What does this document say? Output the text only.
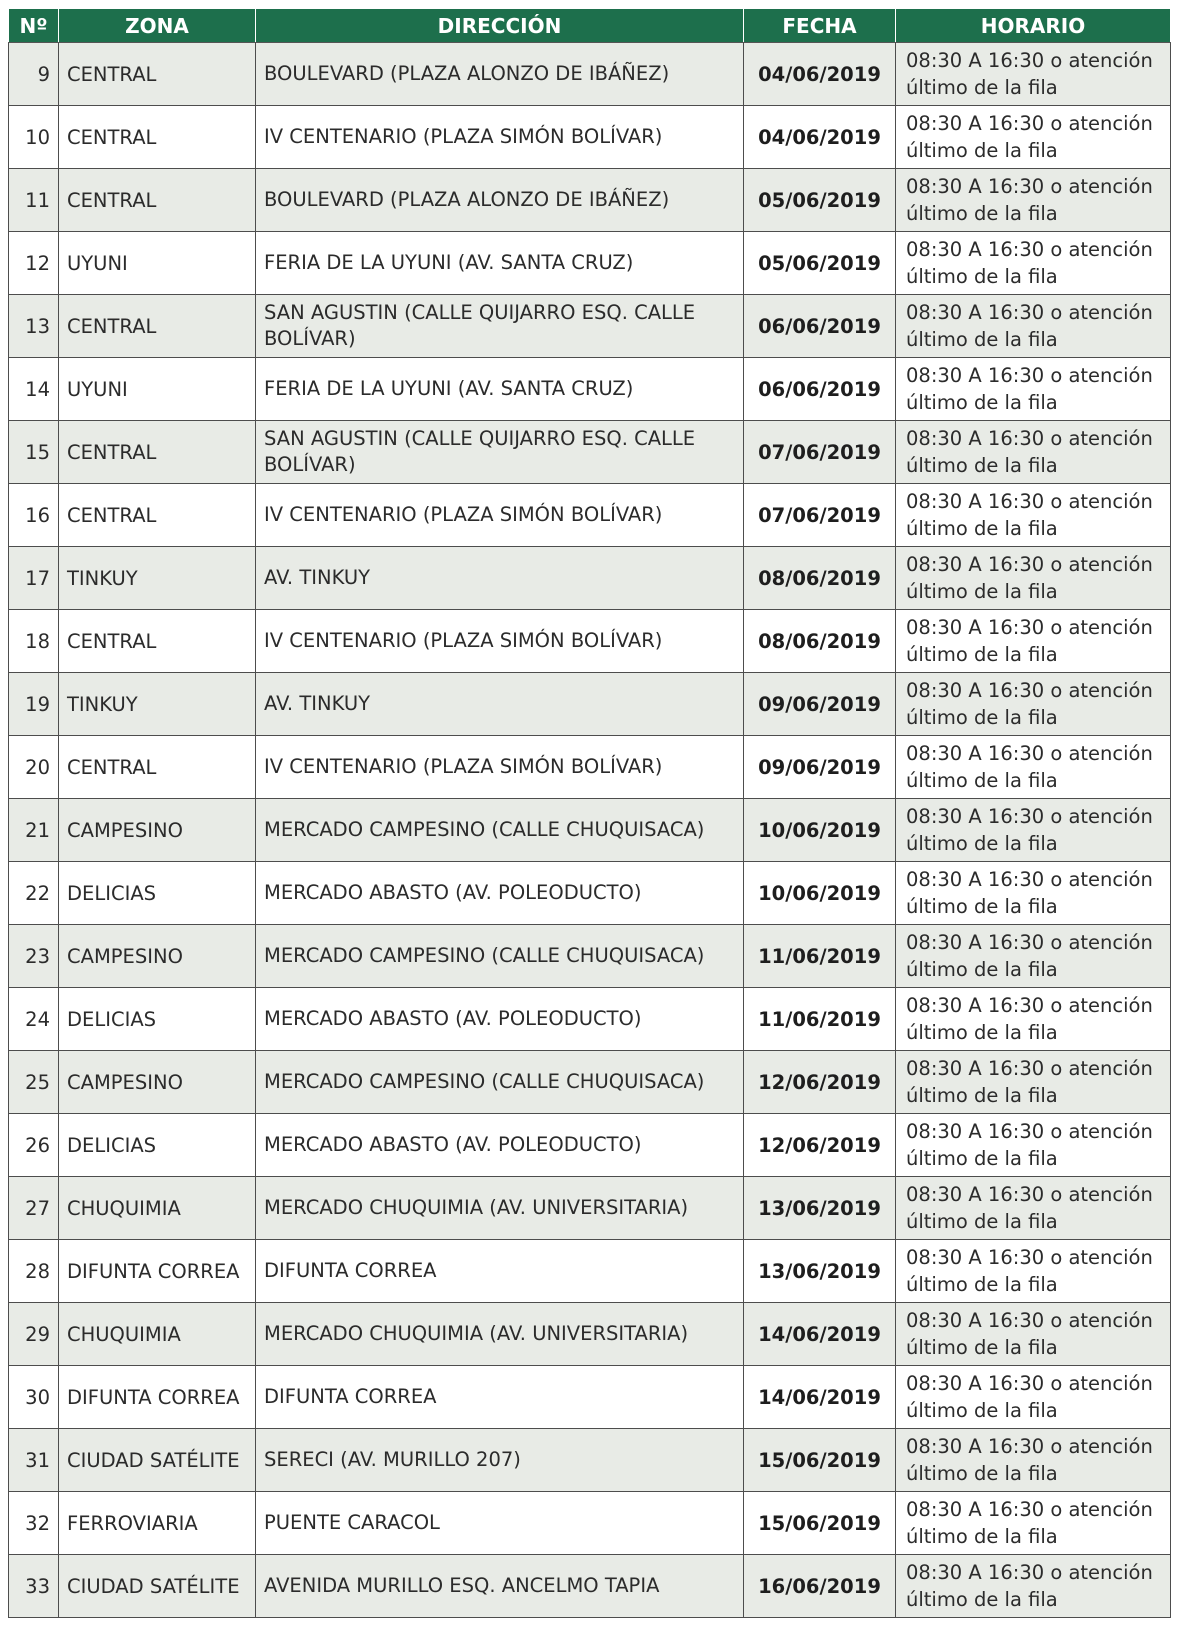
Nº	ZONA	DIRECCIÓN	FECHA	HORARIO
9	CENTRAL	BOULEVARD (PLAZA ALONZO DE IBÁÑEZ)	04/06/2019	08:30 A 16:30 o atención último de la fila
10	CENTRAL	IV CENTENARIO (PLAZA SIMÓN BOLÍVAR)	04/06/2019	08:30 A 16:30 o atención último de la fila
11	CENTRAL	BOULEVARD (PLAZA ALONZO DE IBÁÑEZ)	05/06/2019	08:30 A 16:30 o atención último de la fila
12	UYUNI	FERIA DE LA UYUNI (AV. SANTA CRUZ)	05/06/2019	08:30 A 16:30 o atención último de la fila
13	CENTRAL	SAN AGUSTIN (CALLE QUIJARRO ESQ. CALLE BOLÍVAR)	06/06/2019	08:30 A 16:30 o atención último de la fila
14	UYUNI	FERIA DE LA UYUNI (AV. SANTA CRUZ)	06/06/2019	08:30 A 16:30 o atención último de la fila
15	CENTRAL	SAN AGUSTIN (CALLE QUIJARRO ESQ. CALLE BOLÍVAR)	07/06/2019	08:30 A 16:30 o atención último de la fila
16	CENTRAL	IV CENTENARIO (PLAZA SIMÓN BOLÍVAR)	07/06/2019	08:30 A 16:30 o atención último de la fila
17	TINKUY	AV. TINKUY	08/06/2019	08:30 A 16:30 o atención último de la fila
18	CENTRAL	IV CENTENARIO (PLAZA SIMÓN BOLÍVAR)	08/06/2019	08:30 A 16:30 o atención último de la fila
19	TINKUY	AV. TINKUY	09/06/2019	08:30 A 16:30 o atención último de la fila
20	CENTRAL	IV CENTENARIO (PLAZA SIMÓN BOLÍVAR)	09/06/2019	08:30 A 16:30 o atención último de la fila
21	CAMPESINO	MERCADO CAMPESINO (CALLE CHUQUISACA)	10/06/2019	08:30 A 16:30 o atención último de la fila
22	DELICIAS	MERCADO ABASTO (AV. POLEODUCTO)	10/06/2019	08:30 A 16:30 o atención último de la fila
23	CAMPESINO	MERCADO CAMPESINO (CALLE CHUQUISACA)	11/06/2019	08:30 A 16:30 o atención último de la fila
24	DELICIAS	MERCADO ABASTO (AV. POLEODUCTO)	11/06/2019	08:30 A 16:30 o atención último de la fila
25	CAMPESINO	MERCADO CAMPESINO (CALLE CHUQUISACA)	12/06/2019	08:30 A 16:30 o atención último de la fila
26	DELICIAS	MERCADO ABASTO (AV. POLEODUCTO)	12/06/2019	08:30 A 16:30 o atención último de la fila
27	CHUQUIMIA	MERCADO CHUQUIMIA (AV. UNIVERSITARIA)	13/06/2019	08:30 A 16:30 o atención último de la fila
28	DIFUNTA CORREA	DIFUNTA CORREA	13/06/2019	08:30 A 16:30 o atención último de la fila
29	CHUQUIMIA	MERCADO CHUQUIMIA (AV. UNIVERSITARIA)	14/06/2019	08:30 A 16:30 o atención último de la fila
30	DIFUNTA CORREA	DIFUNTA CORREA	14/06/2019	08:30 A 16:30 o atención último de la fila
31	CIUDAD SATÉLITE	SERECI (AV. MURILLO 207)	15/06/2019	08:30 A 16:30 o atención último de la fila
32	FERROVIARIA	PUENTE CARACOL	15/06/2019	08:30 A 16:30 o atención último de la fila
33	CIUDAD SATÉLITE	AVENIDA MURILLO ESQ. ANCELMO TAPIA	16/06/2019	08:30 A 16:30 o atención último de la fila
